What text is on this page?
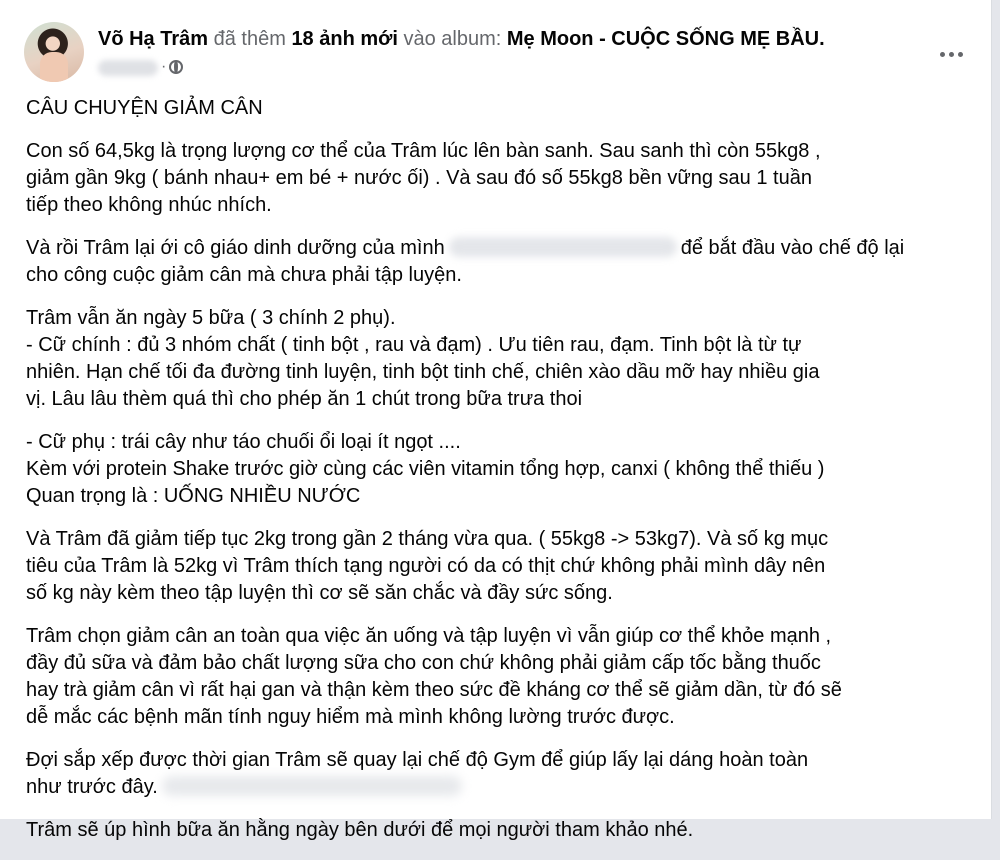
Võ Hạ Trâm đã thêm 18 ảnh mới vào album: Mẹ Moon - CUỘC SỐNG MẸ BẦU.
·

CÂU CHUYỆN GIẢM CÂN

Con số 64,5kg là trọng lượng cơ thể của Trâm lúc lên bàn sanh. Sau sanh thì còn 55kg8 ,
giảm gần 9kg ( bánh nhau+ em bé + nước ối) . Và sau đó số 55kg8 bền vững sau 1 tuần
tiếp theo không nhúc nhích.

Và rồi Trâm lại ới cô giáo dinh dưỡng của mình	để bắt đầu vào chế độ lại
cho công cuộc giảm cân mà chưa phải tập luyện.

Trâm vẫn ăn ngày 5 bữa ( 3 chính 2 phụ).
- Cữ chính : đủ 3 nhóm chất ( tinh bột , rau và đạm) . Ưu tiên rau, đạm. Tinh bột là từ tự
nhiên. Hạn chế tối đa đường tinh luyện, tinh bột tinh chế, chiên xào dầu mỡ hay nhiều gia
vị. Lâu lâu thèm quá thì cho phép ăn 1 chút trong bữa trưa thoi

- Cữ phụ : trái cây như táo chuối ổi loại ít ngọt ....
Kèm với protein Shake trước giờ cùng các viên vitamin tổng hợp, canxi ( không thể thiếu )
Quan trọng là : UỐNG NHIỀU NƯỚC

Và Trâm đã giảm tiếp tục 2kg trong gần 2 tháng vừa qua. ( 55kg8 -> 53kg7). Và số kg mục
tiêu của Trâm là 52kg vì Trâm thích tạng người có da có thịt chứ không phải mình dây nên
số kg này kèm theo tập luyện thì cơ sẽ săn chắc và đầy sức sống.

Trâm chọn giảm cân an toàn qua việc ăn uống và tập luyện vì vẫn giúp cơ thể khỏe mạnh ,
đầy đủ sữa và đảm bảo chất lượng sữa cho con chứ không phải giảm cấp tốc bằng thuốc
hay trà giảm cân vì rất hại gan và thận kèm theo sức đề kháng cơ thể sẽ giảm dần, từ đó sẽ
dễ mắc các bệnh mãn tính nguy hiểm mà mình không lường trước được.

Đợi sắp xếp được thời gian Trâm sẽ quay lại chế độ Gym để giúp lấy lại dáng hoàn toàn
như trước đây.

Trâm sẽ úp hình bữa ăn hằng ngày bên dưới để mọi người tham khảo nhé.
